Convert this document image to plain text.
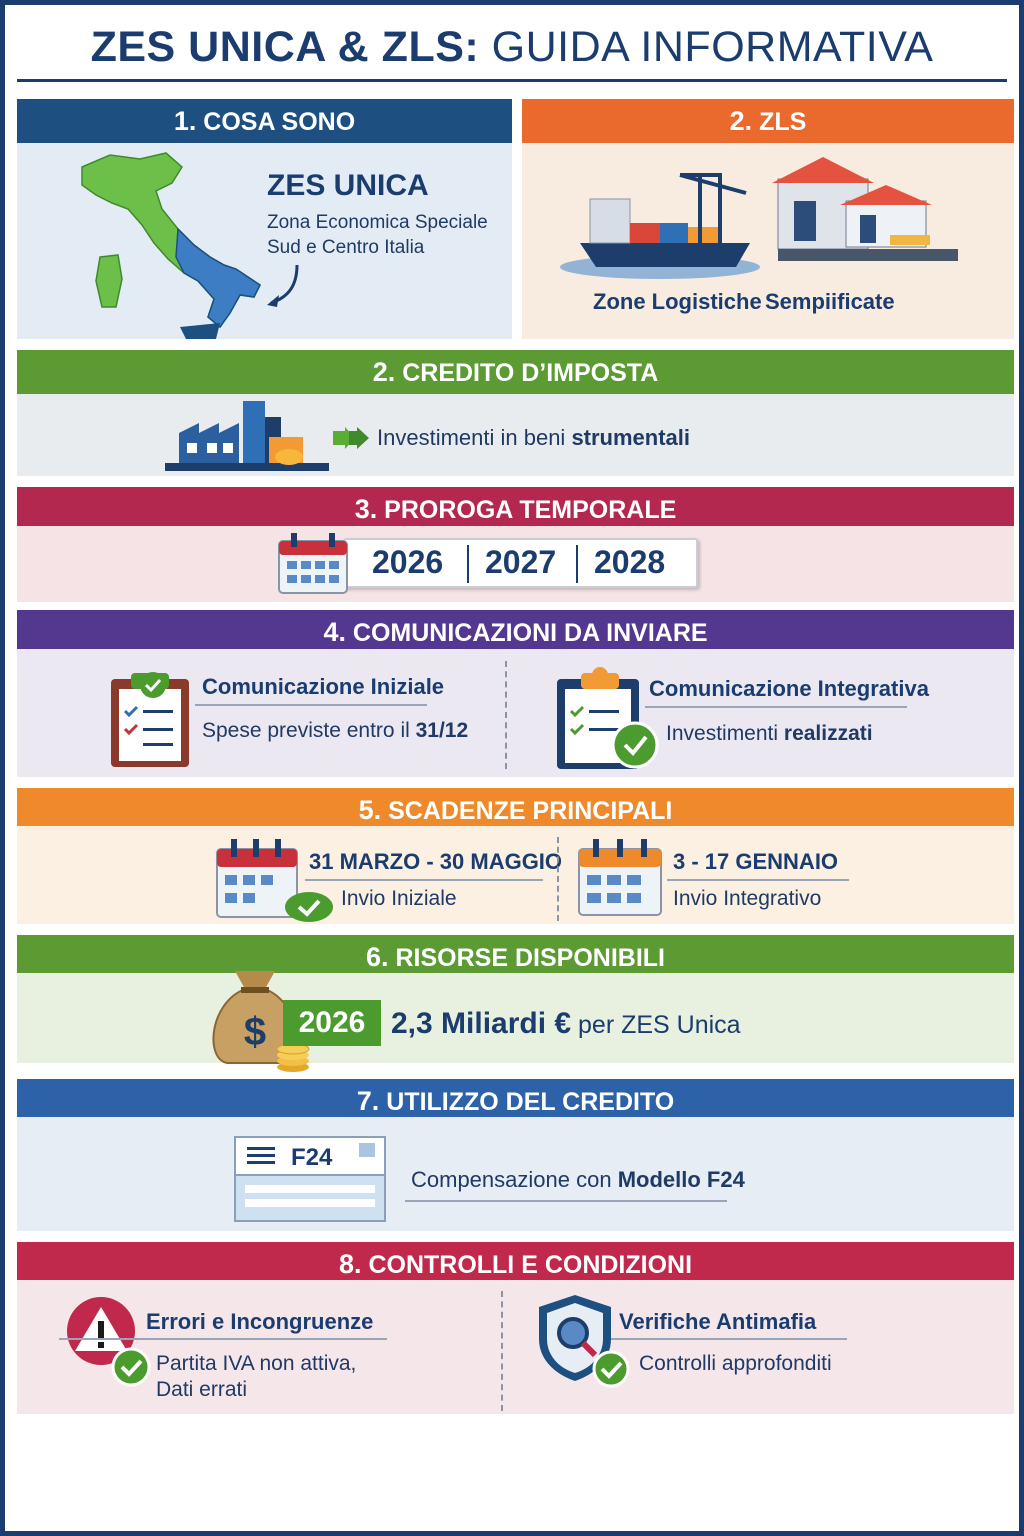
ZES UNICA & ZLS: GUIDA INFORMATIVA
1. COSA SONO
ZES UNICA
Zona Economica Speciale
Sud e Centro Italia
2. ZLS
Zone Logistiche Sempiificate
2. CREDITO D’IMPOSTA
Investimenti in beni strumentali
3. PROROGA TEMPORALE
2026 2027 2028
4. COMUNICAZIONI DA INVIARE
Comunicazione Iniziale
Spese previste entro il 31/12
Comunicazione Integrativa
Investimenti realizzati
5. SCADENZE PRINCIPALI
31 MARZO - 30 MAGGIO
Invio Iniziale
3 - 17 GENNAIO
Invio Integrativo
6. RISORSE DISPONIBILI
$	2026 2,3 Miliardi € per ZES Unica
7. UTILIZZO DEL CREDITO
F24
Compensazione con Modello F24
8. CONTROLLI E CONDIZIONI
Errori e Incongruenze
Partita IVA non attiva,
Dati errati
Verifiche Antimafia
Controlli approfonditi
